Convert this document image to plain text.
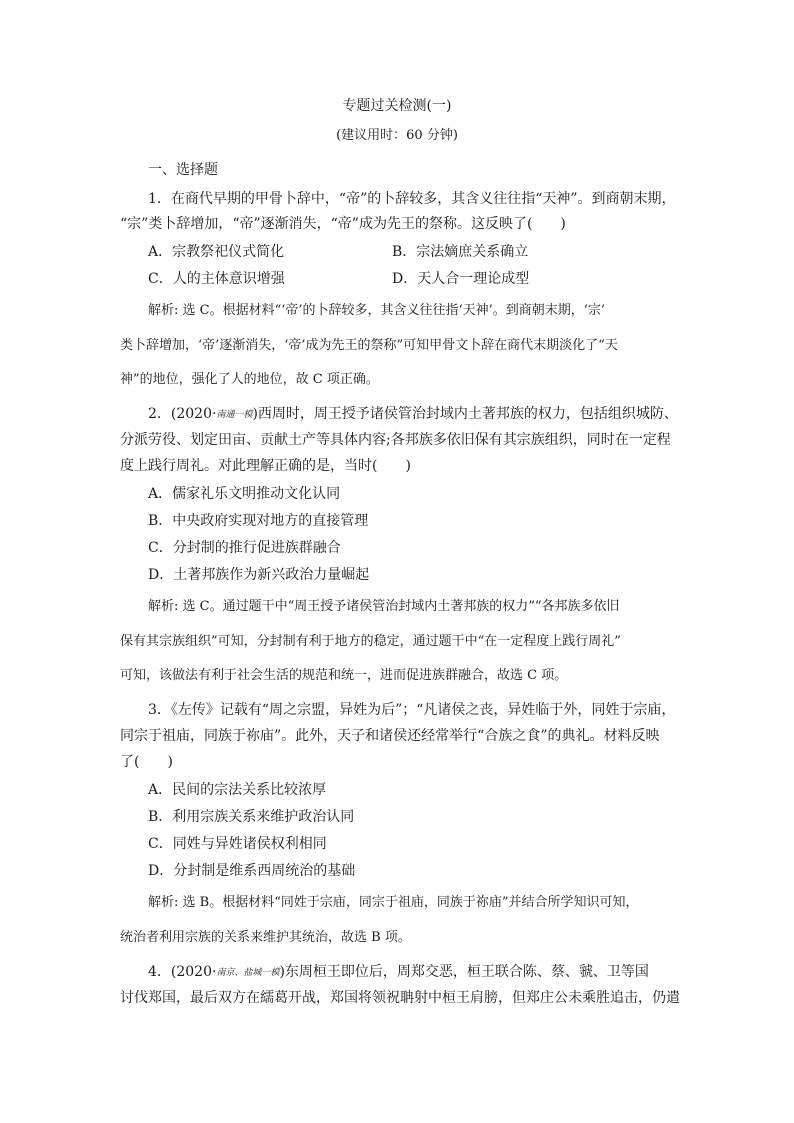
专题过关检测(一)
(建议用时：60 分钟)
一、选择题
1．在商代早期的甲骨卜辞中，“帝”的卜辞较多，其含义往往指“天神”。到商朝末期，
“宗”类卜辞增加，“帝”逐渐消失，“帝”成为先王的祭称。这反映了(　　)
A．宗教祭祀仪式简化	B．宗法嫡庶关系确立
C．人的主体意识增强	D．天人合一理论成型
解析: 选 C。根据材料“‘帝’的卜辞较多，其含义往往指‘天神’。到商朝末期，‘宗’
类卜辞增加，‘帝’逐渐消失，‘帝’成为先王的祭称”可知甲骨文卜辞在商代末期淡化了“天
神”的地位，强化了人的地位，故 C 项正确。
2．(2020·南通一模)西周时，周王授予诸侯管治封域内土著邦族的权力，包括组织城防、
分派劳役、划定田亩、贡献土产等具体内容;各邦族多依旧保有其宗族组织，同时在一定程
度上践行周礼。对此理解正确的是，当时(　　)
A．儒家礼乐文明推动文化认同
B．中央政府实现对地方的直接管理
C．分封制的推行促进族群融合
D．土著邦族作为新兴政治力量崛起
解析: 选 C。通过题干中“周王授予诸侯管治封域内土著邦族的权力”“各邦族多依旧
保有其宗族组织”可知，分封制有利于地方的稳定，通过题干中“在一定程度上践行周礼”
可知，该做法有利于社会生活的规范和统一，进而促进族群融合，故选 C 项。
3．《左传》记载有“周之宗盟，异姓为后”；“凡诸侯之丧，异姓临于外，同姓于宗庙，
同宗于祖庙，同族于祢庙”。此外，天子和诸侯还经常举行“合族之食”的典礼。材料反映
了(　　)
A．民间的宗法关系比较浓厚
B．利用宗族关系来维护政治认同
C．同姓与异姓诸侯权利相同
D．分封制是维系西周统治的基础
解析: 选 B。根据材料“同姓于宗庙，同宗于祖庙，同族于祢庙”并结合所学知识可知，
统治者利用宗族的关系来维护其统治，故选 B 项。
4．(2020·南京、盐城一模)东周桓王即位后，周郑交恶，桓王联合陈、蔡、虢、卫等国
讨伐郑国，最后双方在繻葛开战，郑国将领祝聃射中桓王肩膀，但郑庄公未乘胜追击，仍遣
